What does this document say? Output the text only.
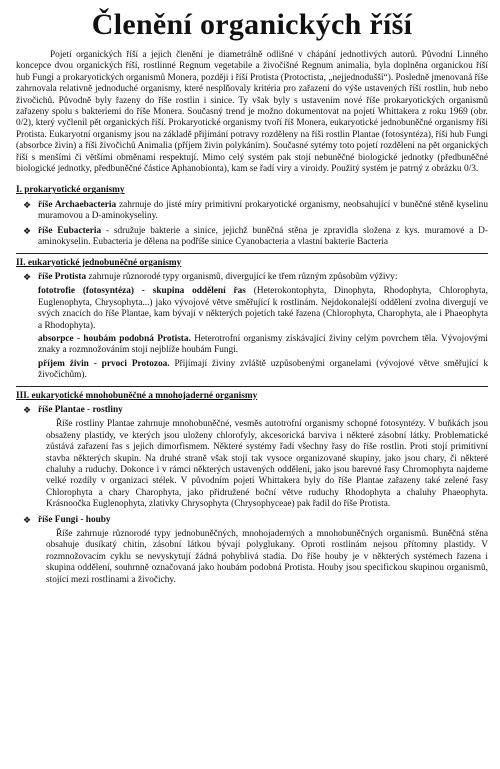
Členění organických říší

Pojetí organických říší a jejich členění je diametrálně odlišné v chápání jednotlivých autorů. Původní Linného koncepce dvou organických říší, rostlinné Regnum vegetabile a živočišné Regnum animalia, byla doplněna organickou říší hub Fungi a prokaryotických organismů Monera, později i říší Protista (Protoctista, „nejjednodušší“). Posledně jmenovaná říše zahrnovala relativně jednoduché organismy, které nesplňovaly kritéria pro zařazení do výše ustavených říší rostlin, hub nebo živočichů. Původně byly řazeny do říše rostlin i sinice. Ty však byly s ustavením nové říše prokaryotických organismů zařazeny spolu s bakteriemi do říše Monera. Současný trend je možno dokumentovat na pojetí Whittakera z roku 1969 (obr. 0/2), který vyčlenil pět organických říší. Prokaryotické organismy tvoří říš Monera, eukaryotické jednobuněčné organismy říši Protista. Eukaryotní organismy jsou na základě přijímání potravy rozděleny na říši rostlin Plantae (fotosyntéza), říši hub Fungi (absorbce živin) a říši živočichů Animalia (příjem živin polykáním). Současné sytémy toto pojetí rozdělení na pět organických říší s menšími či většími obměnami respektují. Mimo celý systém pak stojí nebuněčné biologické jednotky (předbuněčné biologické jednotky, předbuněčné částice Aphanobionta), kam se řadí viry a viroidy. Použitý systém je patrný z obrázku 0/3.

I. prokaryotické organismy
❖ říše Archaebacteria zahrnuje do jisté míry primitivní prokaryotické organismy, neobsahující v buněčné stěně kyselinu muramovou a D-aminokyseliny.
❖ říše Eubacteria - sdružuje bakterie a sinice, jejichž buněčná stěna je zpravidla složena z kys. muramové a D-aminokyselin. Eubacteria je dělena na podříše sinice Cyanobacteria a vlastní bakterie Bacteria
II. eukaryotické jednobuněčné organismy
❖ říše Protista zahrnuje různorodé typy organismů, divergující ke třem různým způsobům výživy:
fototrofie (fotosyntéza) - skupina oddělení řas (Heterokontophyta, Dinophyta, Rhodophyta, Chlorophyta, Euglenophyta, Chrysophyta...) jako vývojové větve směřující k rostlinám. Nejdokonalejší oddělení zvolna divergují ve svých znacích do říše Plantae, kam bývají v některých pojetích také řazena (Chlorophyta, Charophyta, ale i Phaeophyta a Rhodophyta).
absorpce - houbám podobná Protista. Heterotrofní organismy získávající živiny celým povrchem těla. Vývojovými znaky a rozmnožováním stojí nejblíže houbám Fungi.
příjem živin - prvoci Protozoa. Přijímají živiny zvláště uzpůsobenými organelami (vývojové větve směřující k živočichům).
III. eukaryotické mnohobuněčné a mnohojaderné organismy
❖ říše Plantae - rostliny
Říše rostliny Plantae zahrnuje mnohobuněčné, vesměs autotrofní organismy schopné fotosyntézy. V buňkách jsou obsaženy plastidy, ve kterých jsou uloženy chlorofyly, akcesorická barviva i některé zásobní látky. Problematické zůstává zařazení řas s jejich dimorfismem. Některé systémy řadí všechny řasy do říše rostlin. Proti stojí primitivní stavba některých skupin. Na druhé straně však stojí tak vysoce organizované skupiny, jako jsou chary, či některé chaluhy a ruduchy. Dokonce i v rámci některých ustavených oddělení, jako jsou barevné řasy Chromophyta najdeme velké rozdíly v organizaci stélek. V původním pojetí Whittakera byly do říše Plantae zařazeny také zelené řasy Chlorophyta a chary Charophyta, jako přidružené boční větve ruduchy Rhodophyta a chaluhy Phaeophyta. Krásnoočka Euglenophyta, zlativky Chrysophyta (Chrysophyceae) pak řadil do říše Protista.
❖ říše Fungi - houby
Říše zahrnuje různorodé typy jednobuněčných, mnohojaderných a mnohobuněčných organismů. Buněčná stěna obsahuje dusíkatý chitin, zásobní látkou bývají polyglukany. Oproti rostlinám nejsou přítomny plastidy. V rozmnožovacím cyklu se nevyskytují žádná pohyblivá stadia. Do říše houby je v některých systémech řazena i skupina oddělení, souhrnně označovaná jako houbám podobná Protista. Houby jsou specifickou skupinou organismů, stojící mezi rostlinami a živočichy.
